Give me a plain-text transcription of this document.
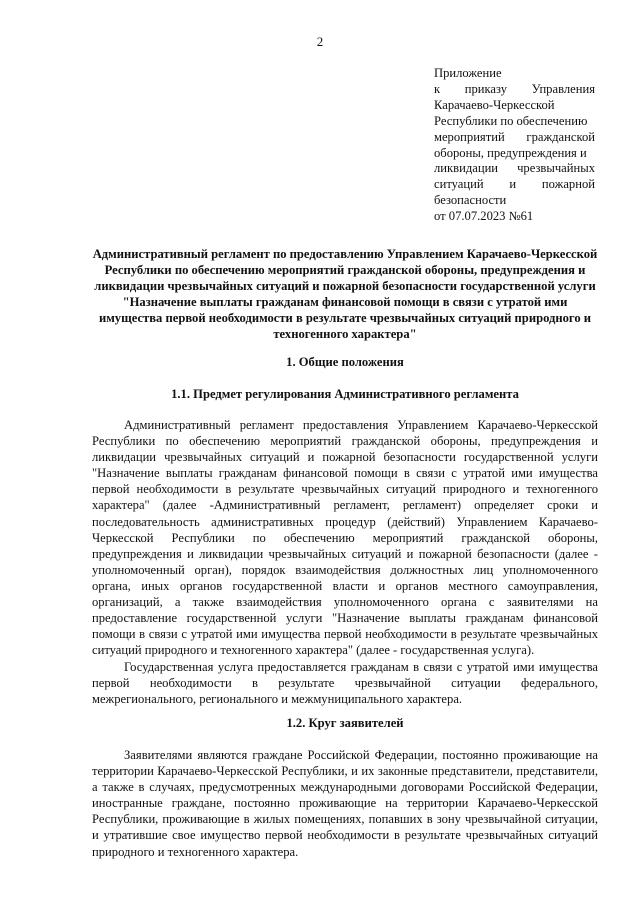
2
Приложение
к приказу Управления
Карачаево-Черкесской
Республики по обеспечению
мероприятий гражданской
обороны, предупреждения и
ликвидации чрезвычайных
ситуаций и пожарной
безопасности
от 07.07.2023 №61
Административный регламент по предоставлению Управлением Карачаево-Черкесской Республики по обеспечению мероприятий гражданской обороны, предупреждения и ликвидации чрезвычайных ситуаций и пожарной безопасности государственной услуги "Назначение выплаты гражданам финансовой помощи в связи с утратой ими имущества первой необходимости в результате чрезвычайных ситуаций природного и техногенного характера"
1. Общие положения
1.1. Предмет регулирования Административного регламента

Административный регламент предоставления Управлением Карачаево-Черкесской Республики по обеспечению мероприятий гражданской обороны, предупреждения и ликвидации чрезвычайных ситуаций и пожарной безопасности государственной услуги "Назначение выплаты гражданам финансовой помощи в связи с утратой ими имущества первой необходимости в результате чрезвычайных ситуаций природного и техногенного характера" (далее -Административный регламент, регламент) определяет сроки и последовательность административных процедур (действий) Управлением Карачаево-Черкесской Республики по обеспечению мероприятий гражданской обороны, предупреждения и ликвидации чрезвычайных ситуаций и пожарной безопасности (далее - уполномоченный орган), порядок взаимодействия должностных лиц уполномоченного органа, иных органов государственной власти и органов местного самоуправления, организаций, а также взаимодействия уполномоченного органа с заявителями на предоставление государственной услуги "Назначение выплаты гражданам финансовой помощи в связи с утратой ими имущества первой необходимости в результате чрезвычайных ситуаций природного и техногенного характера" (далее - государственная услуга).

Государственная услуга предоставляется гражданам в связи с утратой ими имущества первой необходимости в результате чрезвычайной ситуации федерального, межрегионального, регионального и межмуниципального характера.

1.2. Круг заявителей

Заявителями являются граждане Российской Федерации, постоянно проживающие на территории Карачаево-Черкесской Республики, и их законные представители, представители, а также в случаях, предусмотренных международными договорами Российской Федерации, иностранные граждане, постоянно проживающие на территории Карачаево-Черкесской Республики, проживающие в жилых помещениях, попавших в зону чрезвычайной ситуации, и утратившие свое имущество первой необходимости в результате чрезвычайных ситуаций природного и техногенного характера.
